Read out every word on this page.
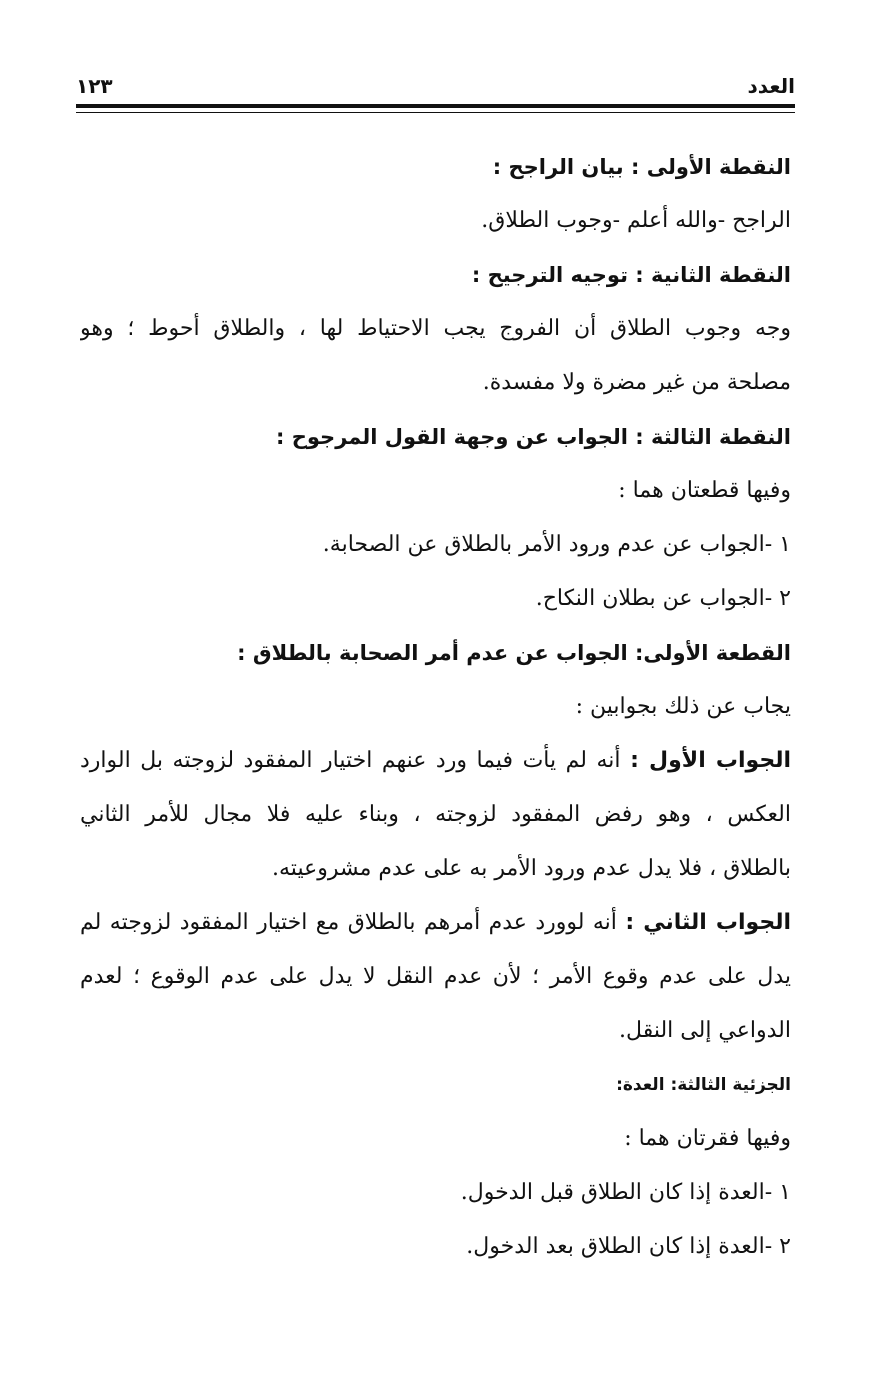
العدد
١٢٣
النقطة الأولى : بيان الراجح :
الراجح -والله أعلم -وجوب الطلاق.
النقطة الثانية : توجيه الترجيح :
وجه وجوب الطلاق أن الفروج يجب الاحتياط لها ، والطلاق أحوط ؛ وهو
مصلحة من غير مضرة ولا مفسدة.
النقطة الثالثة : الجواب عن وجهة القول المرجوح :
وفيها قطعتان هما :
١ -الجواب عن عدم ورود الأمر بالطلاق عن الصحابة.
٢ -الجواب عن بطلان النكاح.
القطعة الأولى: الجواب عن عدم أمر الصحابة بالطلاق :
يجاب عن ذلك بجوابين :
الجواب الأول : أنه لم يأت فيما ورد عنهم اختيار المفقود لزوجته بل الوارد
العكس ، وهو رفض المفقود لزوجته ، وبناء عليه فلا مجال للأمر الثاني
بالطلاق ، فلا يدل عدم ورود الأمر به على عدم مشروعيته.
الجواب الثاني : أنه لوورد عدم أمرهم بالطلاق مع اختيار المفقود لزوجته لم
يدل على عدم وقوع الأمر ؛ لأن عدم النقل لا يدل على عدم الوقوع ؛ لعدم
الدواعي إلى النقل.
الجزئية الثالثة: العدة:
وفيها فقرتان هما :
١ -العدة إذا كان الطلاق قبل الدخول.
٢ -العدة إذا كان الطلاق بعد الدخول.
